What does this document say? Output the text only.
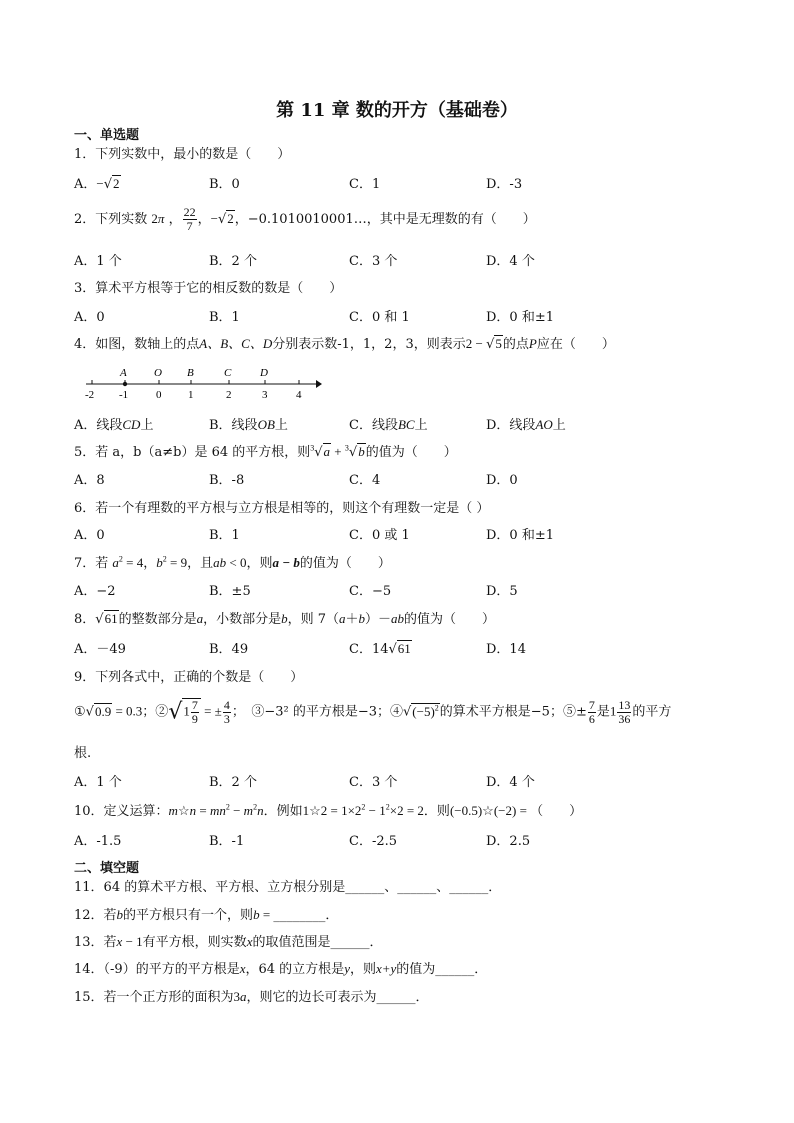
第 11 章 数的开方（基础卷）
一、单选题
1．下列实数中，最小的数是（　　）
A．−√2	B．0	C．1	D．-3
2．下列实数 2π ， $\frac{22}{7}$ ，−√2，−0.1010010001…，其中是无理数的有（　　）
A．1 个	B．2 个	C．3 个	D．4 个
3．算术平方根等于它的相反数的数是（　　）
A．0	B．1	C．0 和 1	D．0 和±1
4．如图，数轴上的点A、B、C、D分别表示数-1，1，2，3，则表示2 − √5的点P应在（　　）
-2 -1	0 1	2	3	4
A O B	C	D
A．线段CD上	B．线段OB上	C．线段BC上	D．线段AO上
5．若 a，b（a≠b）是 64 的平方根，则$^3$√a + $^3$√b的值为（　　）
A．8	B．-8	C．4	D．0
6．若一个有理数的平方根与立方根是相等的，则这个有理数一定是（ ）
A．0	B．1	C．0 或 1	D．0 和±1
7．若 $a^2 = 4$，$b^2 = 9$，且ab < 0，则a − b的值为（　　）
A．−2	B．±5	C．−5	D．5
8．√61的整数部分是a，小数部分是b，则 7（a＋b）－ab的值为（　　）
A．－49	B．49	C．14√61	D．14
9．下列各式中，正确的个数是（　　）
①√0.9 = 0.3；②√1 $\frac{7}{9}$ = ± $\frac{4}{3}$ ；　③−3² 的平方根是−3；$④√(-5)^2$的算术平方根是−5；⑤± $\frac{7}{6}$ 是$1 \frac{13}{36}$ 的平方
根.
A．1 个	B．2 个	C．3 个	D．4 个
10．定义运算：m☆n = $mn^2 - m^2n$．例如1☆2 = $1\times 2^2 - 1^2\times 2 = 2$．则(−0.5)☆(−2) = （　　）
A．-1.5	B．-1	C．-2.5	D．2.5
二、填空题
11．64 的算术平方根、平方根、立方根分别是______、______、______．
12．若b的平方根只有一个，则b = ________．
13．若x − 1有平方根，则实数x的取值范围是______．
14．（-9）的平方的平方根是x，64 的立方根是y，则x+y的值为______．
15．若一个正方形的面积为3a，则它的边长可表示为______．
